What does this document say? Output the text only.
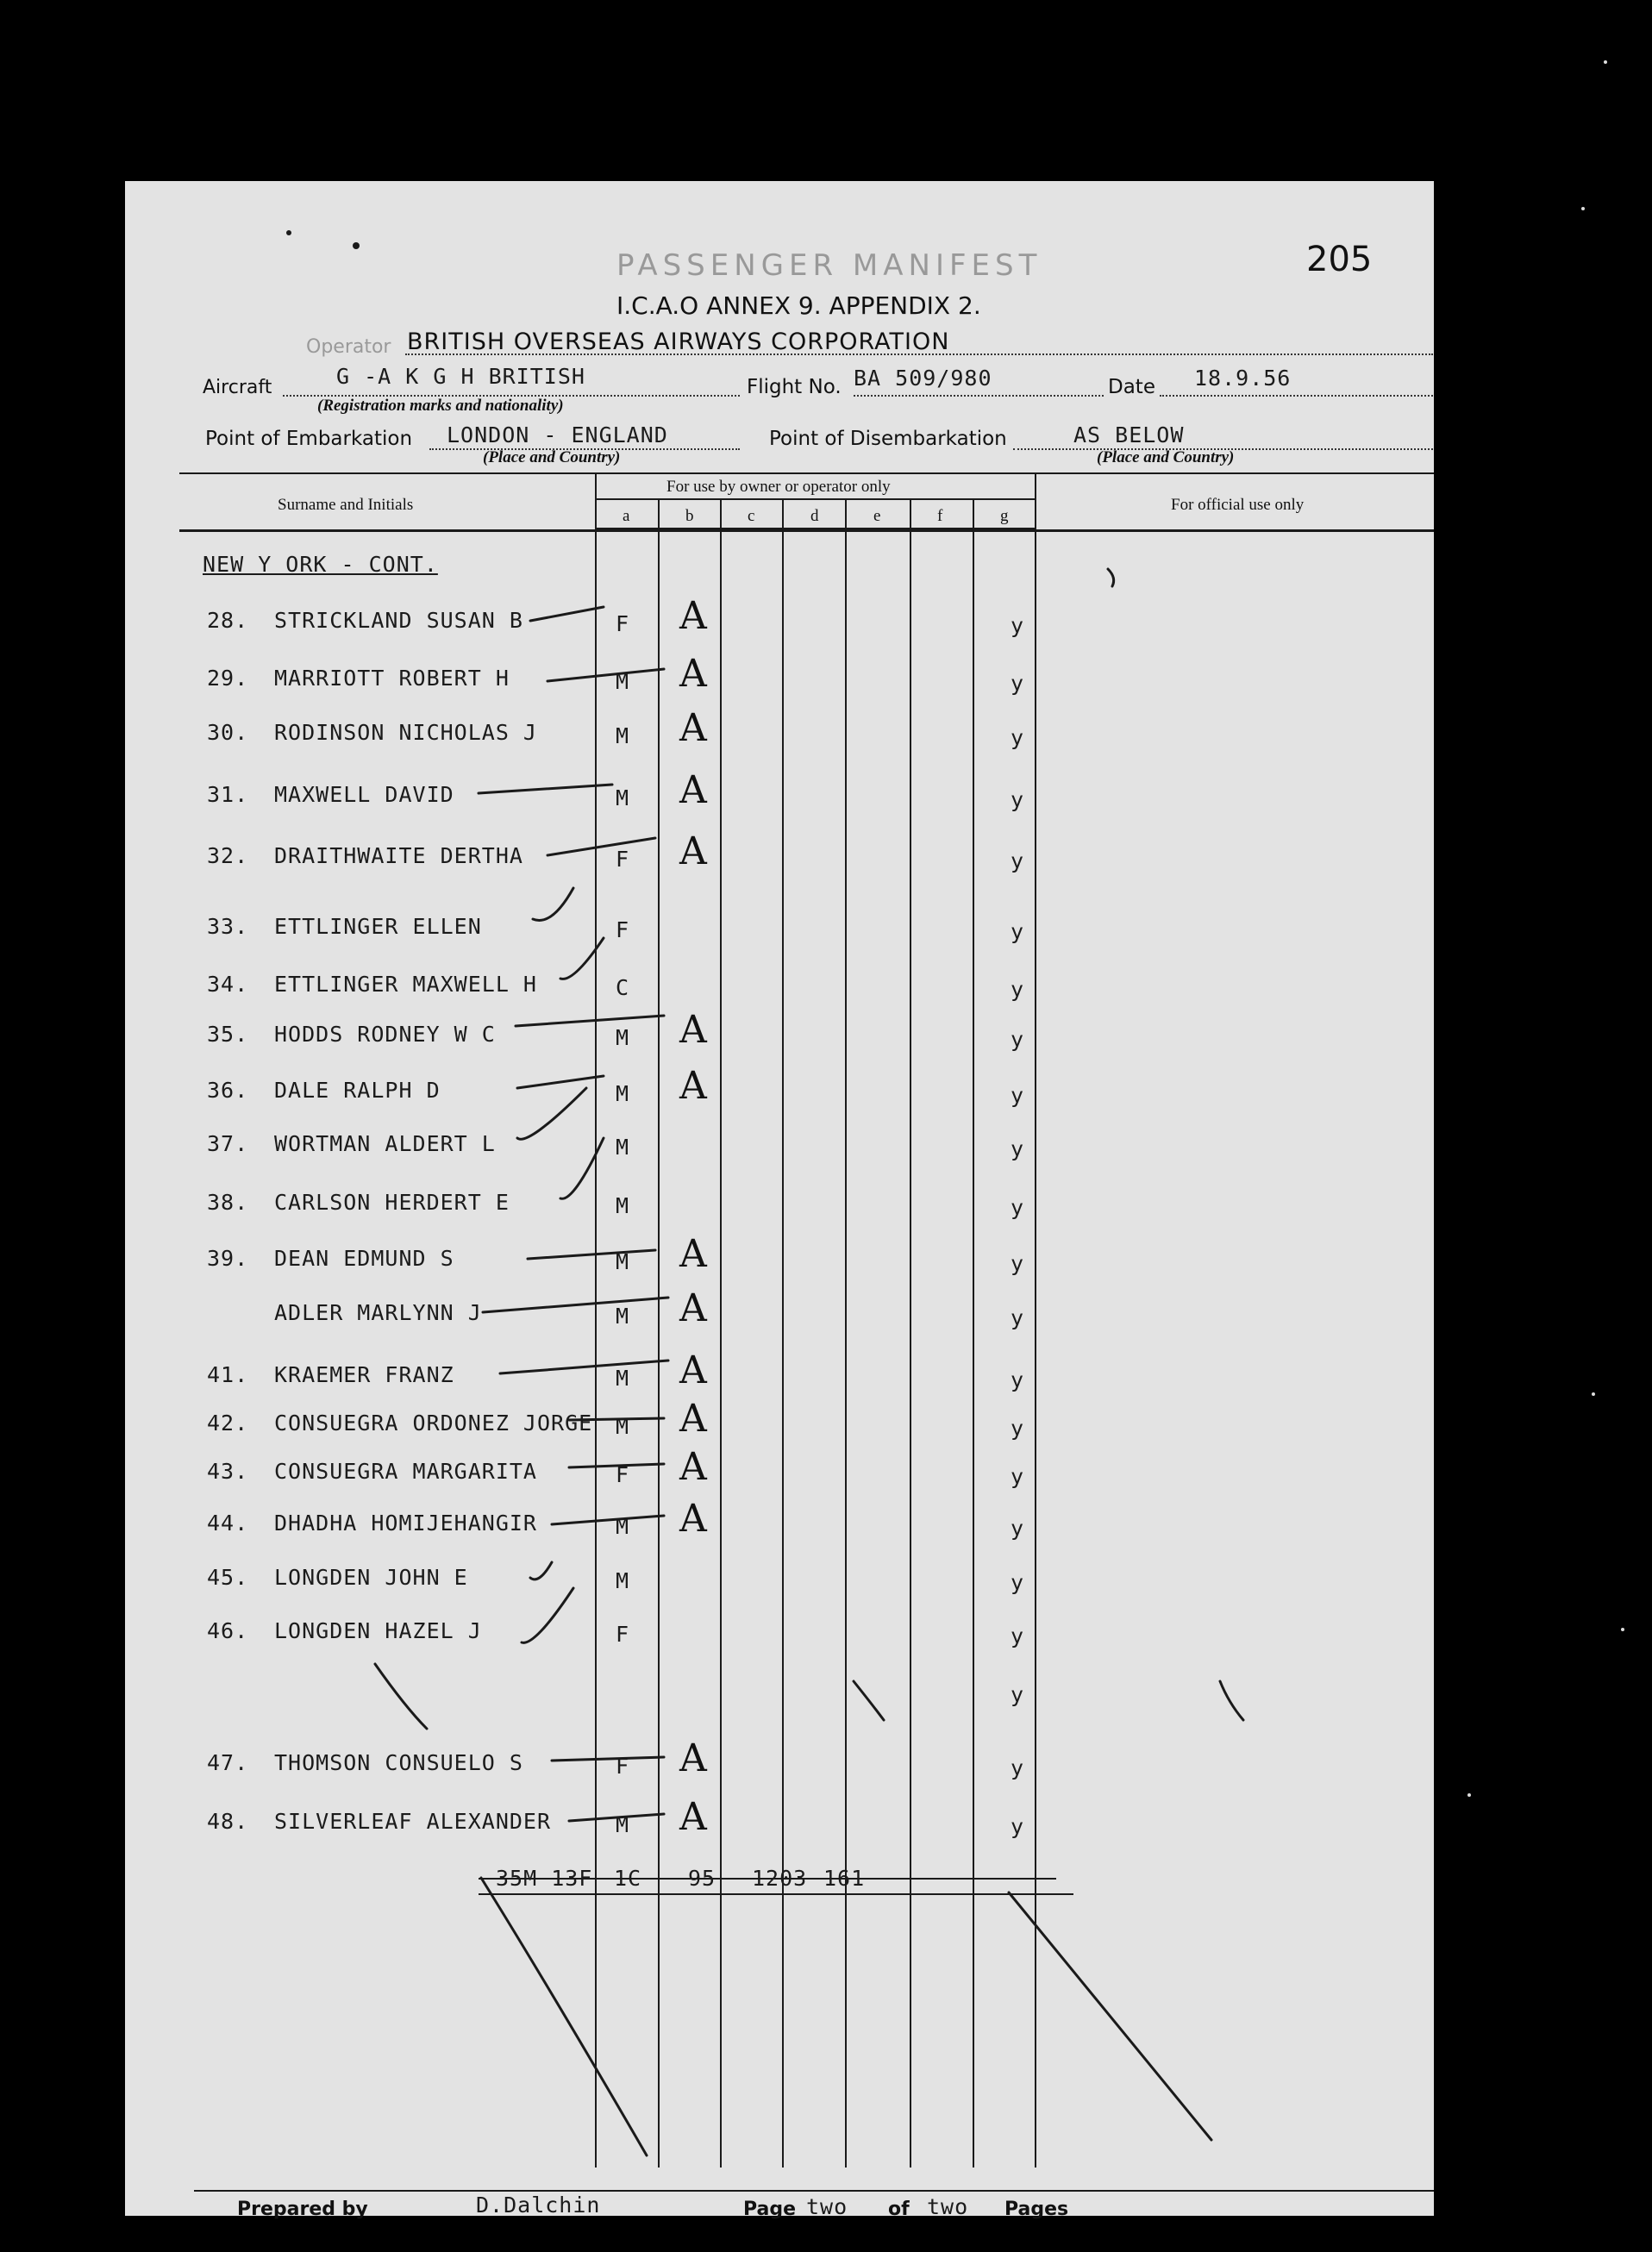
205
PASSENGER MANIFEST
I.C.A.O ANNEX 9. APPENDIX 2.
Operator BRITISH OVERSEAS AIRWAYS CORPORATION
Aircraft	G -A K G H BRITISH
(Registration marks and nationality)
Flight No. BA 509/980	Date 18.9.56
Point of Embarkation LONDON - ENGLAND
(Place and Country)
Point of Disembarkation	AS BELOW
(Place and Country)
Surname and Initials
For use by owner or operator only
For official use only
a	b	c	d	e	f	g
NEW Y ORK - CONT.
28. STRICKLAND SUSAN B	F A	y
29. MARRIOTT ROBERT H	M A	y
30. RODINSON NICHOLAS J	M A	y
31. MAXWELL DAVID	M A	y
32. DRAITHWAITE DERTHA	F A	y
33. ETTLINGER ELLEN	F	y
34. ETTLINGER MAXWELL H	C	y
35. HODDS RODNEY W C	M A	y
36. DALE RALPH D	M A	y
37. WORTMAN ALDERT L	M	y
38. CARLSON HERDERT E	M	y
39. DEAN EDMUND S	M A	y
ADLER MARLYNN J	M A	y
41. KRAEMER FRANZ	M A	y
42. CONSUEGRA ORDONEZ JORGE M A	y
43. CONSUEGRA MARGARITA	F A	y
44. DHADHA HOMIJEHANGIR	M A	y
45. LONGDEN JOHN E	M	y
46. LONGDEN HAZEL J	F	y
y
47. THOMSON CONSUELO S	F A	y
48. SILVERLEAF ALEXANDER	M A	y
35M 13F 1C 95 1203 161
Prepared by	D.Dalchin	Page two of two Pages
